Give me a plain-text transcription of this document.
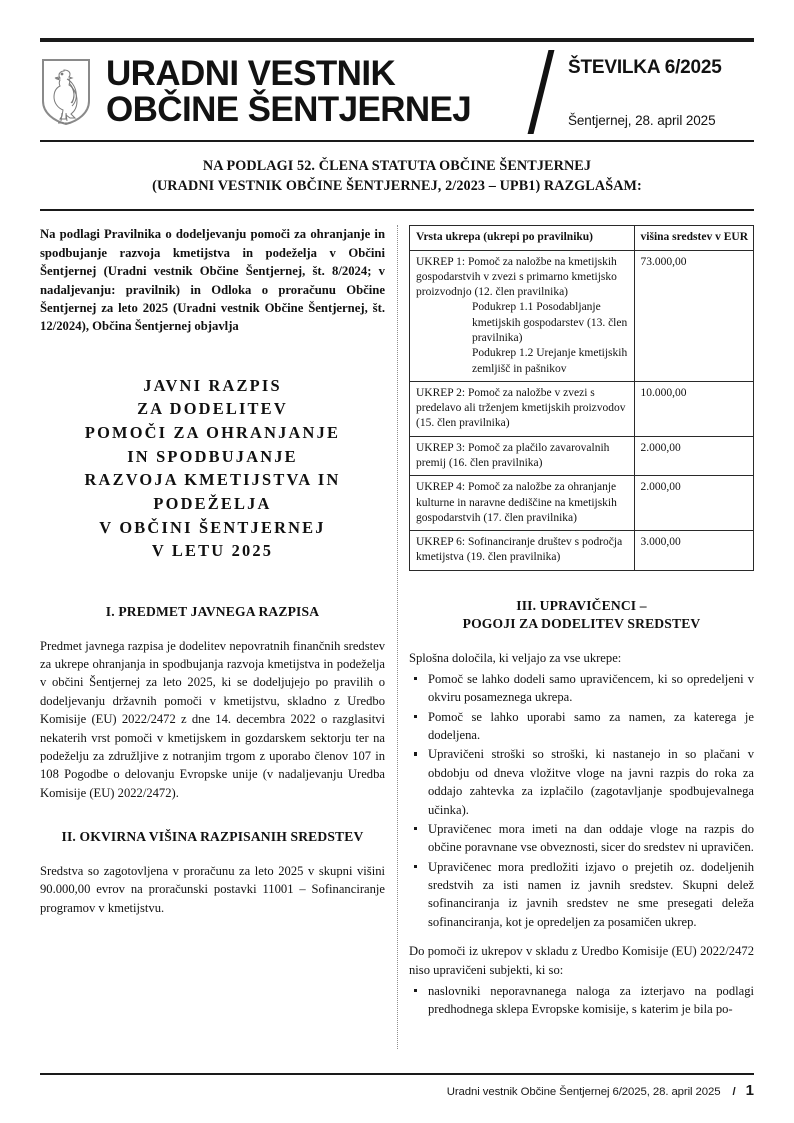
URADNI VESTNIK
OBČINE ŠENTJERNEJ
ŠTEVILKA 6/2025
Šentjernej, 28. april 2025
NA PODLAGI 52. ČLENA STATUTA OBČINE ŠENTJERNEJ
(URADNI VESTNIK OBČINE ŠENTJERNEJ, 2/2023 – UPB1) RAZGLAŠAM:

Na podlagi Pravilnika o dodeljevanju pomoči za ohranjanje in spodbujanje razvoja kmetijstva in podeželja v Občini Šentjernej (Uradni vestnik Občine Šentjernej, št. 8/2024; v nadaljevanju: pravilnik) in Odloka o proračunu Občine Šentjernej za leto 2025 (Uradni vestnik Občine Šentjernej, št. 12/2024), Občina Šentjernej objavlja

JAVNI RAZPIS
ZA DODELITEV
POMOČI ZA OHRANJANJE
IN SPODBUJANJE
RAZVOJA KMETIJSTVA IN
PODEŽELJA
V OBČINI ŠENTJERNEJ
V LETU 2025
I. PREDMET JAVNEGA RAZPISA

Predmet javnega razpisa je dodelitev nepovratnih finančnih sredstev za ukrepe ohranjanja in spodbujanja razvoja kmetijstva in podeželja v občini Šentjernej za leto 2025, ki se dodeljujejo po pravilih o dodeljevanju državnih pomoči v kmetijstvu, skladno z Uredbo Komisije (EU) 2022/2472 z dne 14. decembra 2022 o razglasitvi nekaterih vrst pomoči v kmetijskem in gozdarskem sektorju ter na podeželju za združljive z notranjim trgom z uporabo členov 107 in 108 Pogodbe o delovanju Evropske unije (v nadaljevanju Uredba Komisije (EU) 2022/2472).

II. OKVIRNA VIŠINA RAZPISANIH SREDSTEV

Sredstva so zagotovljena v proračunu za leto 2025 v skupni višini 90.000,00 evrov na proračunski postavki 11001 – Sofinanciranje programov v kmetijstvu.

Vrsta ukrepa (ukrepi po pravilniku)	višina sredstev v EUR
UKREP 1: Pomoč za naložbe na kmetijskih gospodarstvih v zvezi s primarno kmetijsko proizvodnjo (12. člen pravilnika)
Podukrep 1.1 Posodabljanje kmetijskih gospodarstev (13. člen pravilnika)
Podukrep 1.2 Urejanje kmetijskih zemljišč in pašnikov	73.000,00
UKREP 2: Pomoč za naložbe v zvezi s predelavo ali trženjem kmetijskih proizvodov (15. člen pravilnika)	10.000,00
UKREP 3: Pomoč za plačilo zavarovalnih premij (16. člen pravilnika)	2.000,00
UKREP 4: Pomoč za naložbe za ohranjanje kulturne in naravne dediščine na kmetijskih gospodarstvih (17. člen pravilnika)	2.000,00
UKREP 6: Sofinanciranje društev s področja kmetijstva (19. člen pravilnika)	3.000,00
III. UPRAVIČENCI –
POGOJI ZA DODELITEV SREDSTEV

Splošna določila, ki veljajo za vse ukrepe:

Pomoč se lahko dodeli samo upravičencem, ki so opredeljeni v okviru posameznega ukrepa.
Pomoč se lahko uporabi samo za namen, za katerega je dodeljena.
Upravičeni stroški so stroški, ki nastanejo in so plačani v obdobju od dneva vložitve vloge na javni razpis do roka za oddajo zahtevka za izplačilo (zagotavljanje spodbujevalnega učinka).
Upravičenec mora imeti na dan oddaje vloge na razpis do občine poravnane vse obveznosti, sicer do sredstev ni upravičen.
Upravičenec mora predložiti izjavo o prejetih oz. dodeljenih sredstvih za isti namen iz javnih sredstev. Skupni delež sofinanciranja iz javnih sredstev ne sme presegati deleža sofinanciranja, kot je opredeljen za posamičen ukrep.

Do pomoči iz ukrepov v skladu z Uredbo Komisije (EU) 2022/2472 niso upravičeni subjekti, ki so:

naslovniki neporavnanega naloga za izterjavo na podlagi predhodnega sklepa Evropske komisije, s katerim je bila po-
Uradni vestnik Občine Šentjernej 6/2025, 28. april 2025 / 1
